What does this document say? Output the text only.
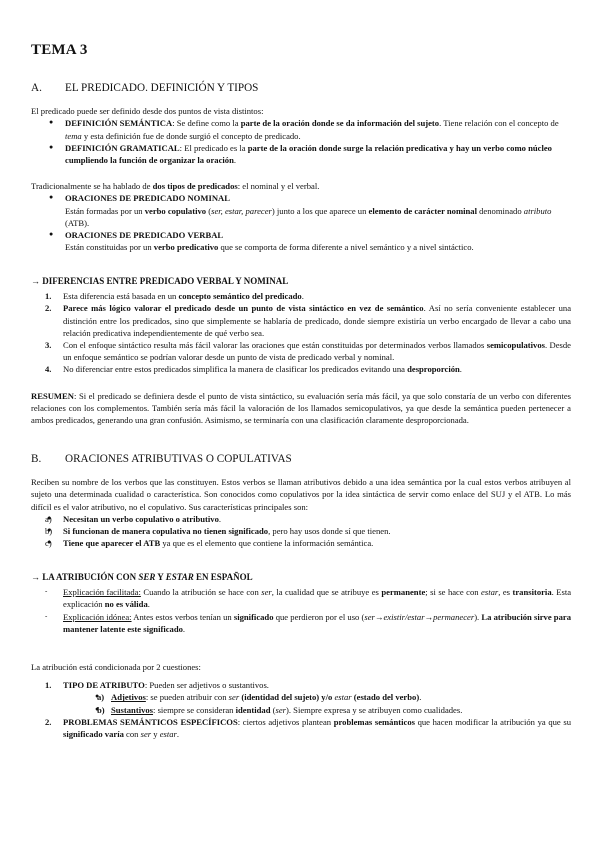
TEMA 3
A.	EL PREDICADO. DEFINICIÓN Y TIPOS

El predicado puede ser definido desde dos puntos de vista distintos:

● DEFINICIÓN SEMÁNTICA: Se define como la parte de la oración donde se da información del sujeto. Tiene relación con el concepto de tema y esta definición fue de donde surgió el concepto de predicado.
● DEFINICIÓN GRAMATICAL: El predicado es la parte de la oración donde surge la relación predicativa y hay un verbo como núcleo cumpliendo la función de organizar la oración.

Tradicionalmente se ha hablado de dos tipos de predicados: el nominal y el verbal.

● ORACIONES DE PREDICADO NOMINAL
Están formadas por un verbo copulativo (ser, estar, parecer) junto a los que aparece un elemento de carácter nominal denominado atributo (ATB).
● ORACIONES DE PREDICADO VERBAL
Están constituidas por un verbo predicativo que se comporta de forma diferente a nivel semántico y a nivel sintáctico.
→ DIFERENCIAS ENTRE PREDICADO VERBAL Y NOMINAL
1. Esta diferencia está basada en un concepto semántico del predicado.
2. Parece más lógico valorar el predicado desde un punto de vista sintáctico en vez de semántico. Así no sería conveniente establecer una distinción entre los predicados, sino que simplemente se hablaría de predicado, donde siempre existiría un verbo encargado de llevar a cabo una relación predicativa independientemente de qué verbo sea.
3. Con el enfoque sintáctico resulta más fácil valorar las oraciones que están constituidas por determinados verbos llamados semicopulativos. Desde un enfoque semántico se podrían valorar desde un punto de vista de predicado verbal y nominal.
4. No diferenciar entre estos predicados simplifica la manera de clasificar los predicados evitando una desproporción.

RESUMEN: Si el predicado se definiera desde el punto de vista sintáctico, su evaluación sería más fácil, ya que solo constaría de un verbo con diferentes relaciones con los complementos. También sería más fácil la valoración de los llamados semicopulativos, ya que desde la semántica pueden pertenecer a ambos predicados, generando una gran confusión. Asimismo, se terminaría con una clasificación claramente desproporcionada.

B.	ORACIONES ATRIBUTIVAS O COPULATIVAS

Reciben su nombre de los verbos que las constituyen. Estos verbos se llaman atributivos debido a una idea semántica por la cual estos verbos atribuyen al sujeto una determinada cualidad o característica. Son conocidos como copulativos por la idea sintáctica de servir como enlace del SUJ y el ATB. Lo más difícil es el valor atributivo, no el copulativo. Sus características principales son:

● a) Necesitan un verbo copulativo o atributivo.
● b) Si funcionan de manera copulativa no tienen significado, pero hay usos donde sí que tienen.
● c) Tiene que aparecer el ATB ya que es el elemento que contiene la información semántica.
→ LA ATRIBUCIÓN CON SER Y ESTAR EN ESPAÑOL
- Explicación facilitada: Cuando la atribución se hace con ser, la cualidad que se atribuye es permanente; si se hace con estar, es transitoria. Esta explicación no es válida.
- Explicación idónea: Antes estos verbos tenían un significado que perdieron por el uso (ser→existir/estar→permanecer). La atribución sirve para mantener latente este significado.

La atribución está condicionada por 2 cuestiones:

1. TIPO DE ATRIBUTO: Pueden ser adjetivos o sustantivos.
● a) Adjetivos: se pueden atribuir con ser (identidad del sujeto) y/o estar (estado del verbo).
● b) Sustantivos: siempre se consideran identidad (ser). Siempre expresa y se atribuyen como cualidades.
2. PROBLEMAS SEMÁNTICOS ESPECÍFICOS: ciertos adjetivos plantean problemas semánticos que hacen modificar la atribución ya que su significado varía con ser y estar.
